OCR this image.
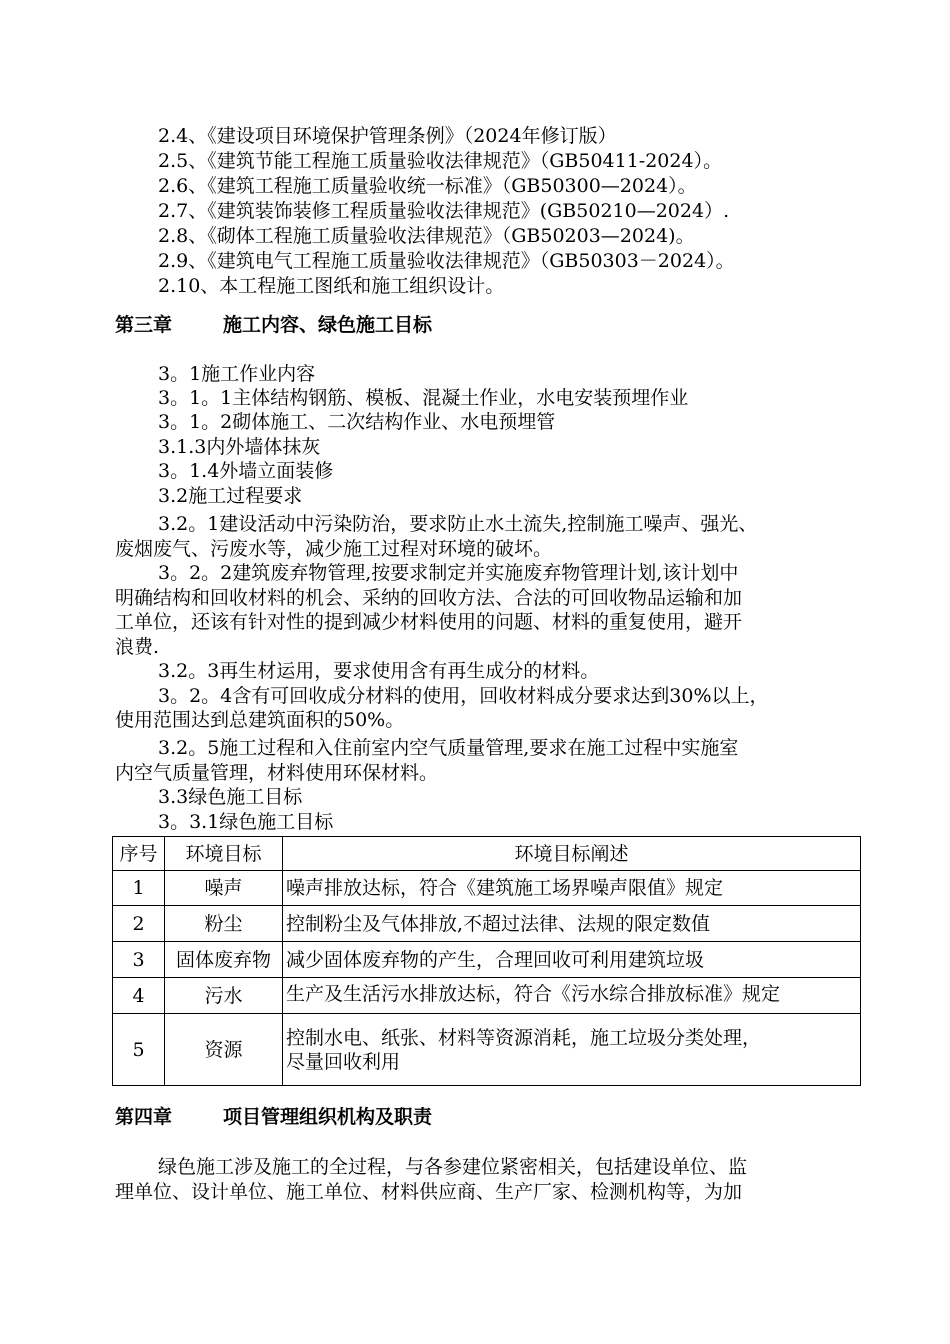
2.4、《建设项目环境保护管理条例》（2024年修订版）
2.5、《建筑节能工程施工质量验收法律规范》（GB50411-2024）。
2.6、《建筑工程施工质量验收统一标准》（GB50300—2024）。
2.7、《建筑装饰装修工程质量验收法律规范》(GB50210—2024）.
2.8、《砌体工程施工质量验收法律规范》（GB50203—2024)。
2.9、《建筑电气工程施工质量验收法律规范》（GB50303－2024）。
2.10、本工程施工图纸和施工组织设计。
第三章	施工内容、绿色施工目标
3。1施工作业内容
3。1。1主体结构钢筋、模板、混凝土作业，水电安装预埋作业
3。1。2砌体施工、二次结构作业、水电预埋管
3.1.3内外墙体抹灰
3。1.4外墙立面装修
3.2施工过程要求
3.2。1建设活动中污染防治，要求防止水土流失,控制施工噪声、强光、
废烟废气、污废水等，减少施工过程对环境的破坏。
3。2。2建筑废弃物管理,按要求制定并实施废弃物管理计划,该计划中
明确结构和回收材料的机会、采纳的回收方法、合法的可回收物品运输和加
工单位，还该有针对性的提到减少材料使用的问题、材料的重复使用，避开
浪费.
3.2。3再生材运用，要求使用含有再生成分的材料。
3。2。4含有可回收成分材料的使用，回收材料成分要求达到30%以上，
使用范围达到总建筑面积的50%。
3.2。5施工过程和入住前室内空气质量管理,要求在施工过程中实施室
内空气质量管理，材料使用环保材料。
3.3绿色施工目标
3。3.1绿色施工目标
序号	环境目标	环境目标阐述
1	噪声	噪声排放达标，符合《建筑施工场界噪声限值》规定
2	粉尘	控制粉尘及气体排放,不超过法律、法规的限定数值
3	固体废弃物	减少固体废弃物的产生，合理回收可利用建筑垃圾
4	污水	生产及生活污水排放达标，符合《污水综合排放标准》规定

5	资源	控制水电、纸张、材料等资源消耗，施工垃圾分类处理，
尽量回收利用
第四章	项目管理组织机构及职责
绿色施工涉及施工的全过程，与各参建位紧密相关，包括建设单位、监
理单位、设计单位、施工单位、材料供应商、生产厂家、检测机构等，为加
